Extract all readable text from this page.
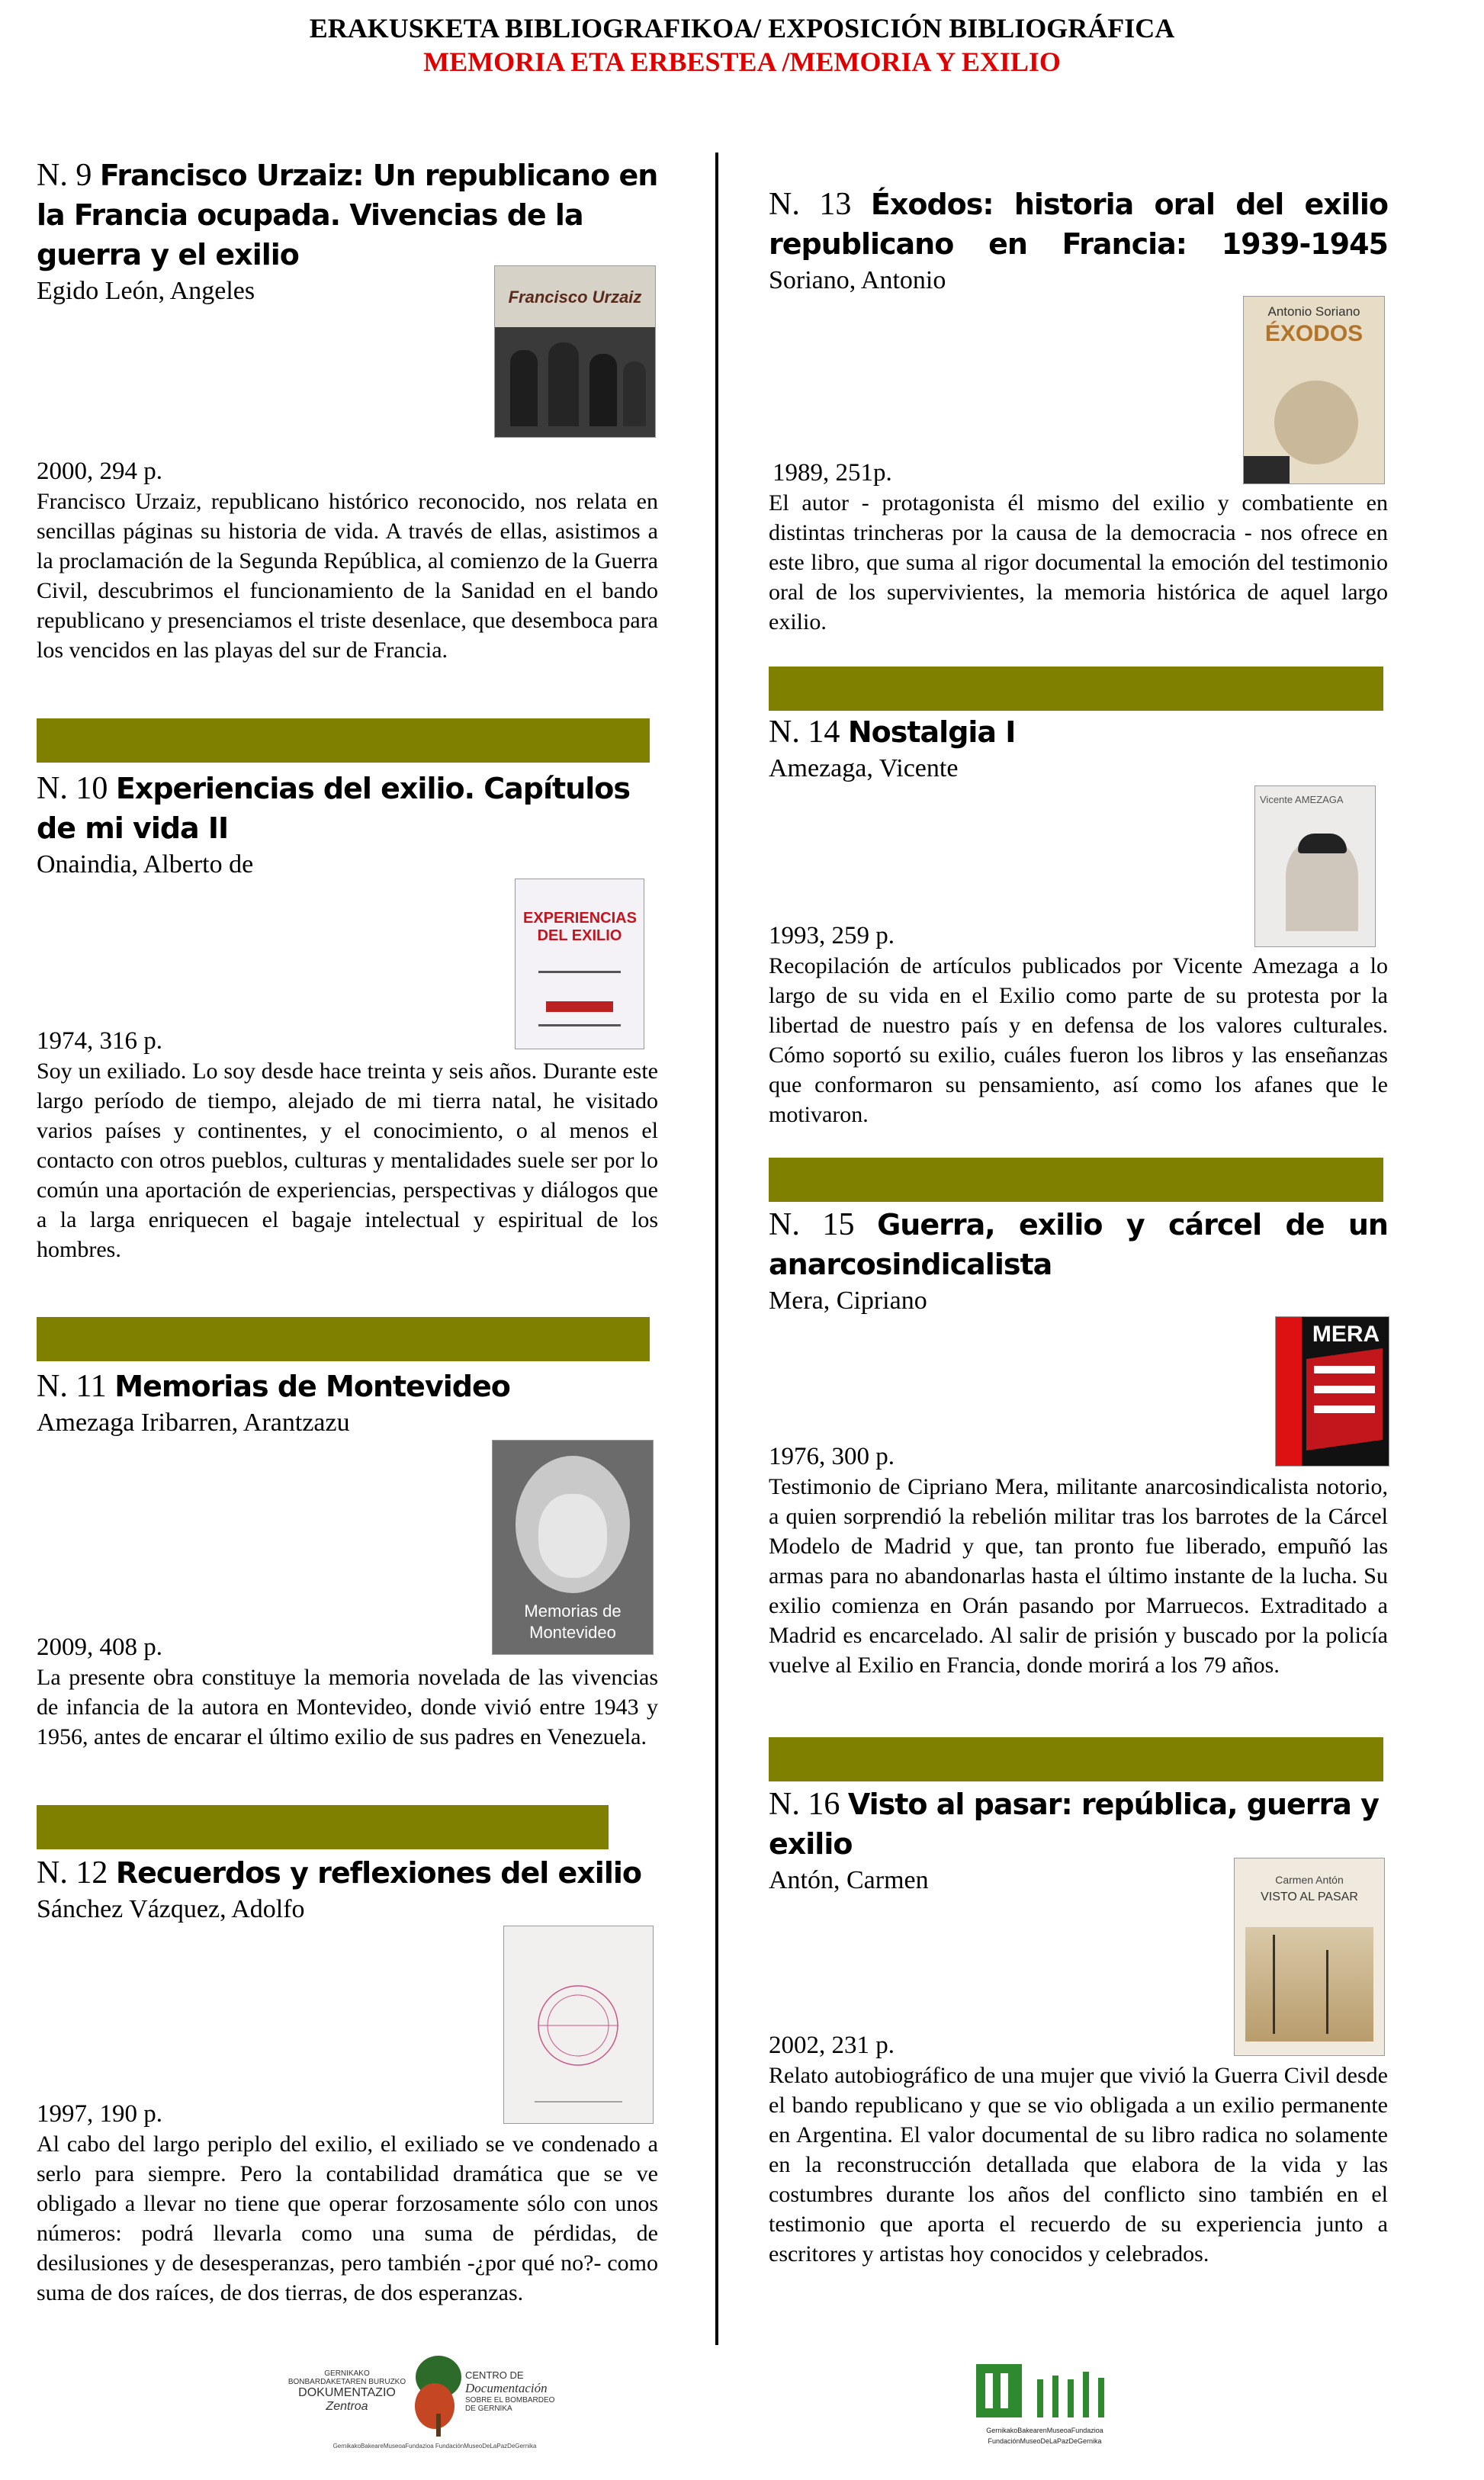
ERAKUSKETA BIBLIOGRAFIKOA/ EXPOSICIÓN BIBLIOGRÁFICA
MEMORIA ETA ERBESTEA /MEMORIA Y EXILIO
N. 9 Francisco Urzaiz: Un republicano en la Francia ocupada. Vivencias de la guerra y el exilio
Egido León, Angeles	Francisco Urzaiz
2000, 294 p.
Francisco Urzaiz, republicano histórico reconocido, nos relata en sencillas páginas su historia de vida. A través de ellas, asistimos a la proclamación de la Segunda República, al comienzo de la Guerra Civil, descubrimos el funcionamiento de la Sanidad en el bando republicano y presenciamos el triste desenlace, que desemboca para los vencidos en las playas del sur de Francia.
N. 10 Experiencias del exilio. Capítulos de mi vida II
Onaindia, Alberto de
EXPERIENCIAS DEL EXILIO
1974, 316 p.
Soy un exiliado. Lo soy desde hace treinta y seis años. Durante este largo período de tiempo, alejado de mi tierra natal, he visitado varios países y continentes, y el conocimiento, o al menos el contacto con otros pueblos, culturas y mentalidades suele ser por lo común una aportación de experiencias, perspectivas y diálogos que a la larga enriquecen el bagaje intelectual y espiritual de los hombres.
N. 11 Memorias de Montevideo
Amezaga Iribarren, Arantzazu
Memorias de Montevideo
2009, 408 p.
La presente obra constituye la memoria novelada de las vivencias de infancia de la autora en Montevideo, donde vivió entre 1943 y 1956, antes de encarar el último exilio de sus padres en Venezuela.
N. 12 Recuerdos y reflexiones del exilio
Sánchez Vázquez, Adolfo
1997, 190 p.
Al cabo del largo periplo del exilio, el exiliado se ve condenado a serlo para siempre. Pero la contabilidad dramática que se ve obligado a llevar no tiene que operar forzosamente sólo con unos números: podrá llevarla como una suma de pérdidas, de desilusiones y de desesperanzas, pero también -¿por qué no?- como suma de dos raíces, de dos tierras, de dos esperanzas.
N. 13 Éxodos: historia oral del exilio republicano en Francia: 1939-1945
Soriano, Antonio
Antonio Soriano
ÉXODOS
1989, 251p.
El autor - protagonista él mismo del exilio y combatiente en distintas trincheras por la causa de la democracia - nos ofrece en este libro, que suma al rigor documental la emoción del testimonio oral de los supervivientes, la memoria histórica de aquel largo exilio.
N. 14 Nostalgia I
Amezaga, Vicente
Vicente AMEZAGA
1993, 259 p.
Recopilación de artículos publicados por Vicente Amezaga a lo largo de su vida en el Exilio como parte de su protesta por la libertad de nuestro país y en defensa de los valores culturales. Cómo soportó su exilio, cuáles fueron los libros y las enseñanzas que conformaron su pensamiento, así como los afanes que le motivaron.
N. 15 Guerra, exilio y cárcel de un anarcosindicalista
Mera, Cipriano
MERA
1976, 300 p.
Testimonio de Cipriano Mera, militante anarcosindicalista notorio, a quien sorprendió la rebelión militar tras los barrotes de la Cárcel Modelo de Madrid y que, tan pronto fue liberado, empuñó las armas para no abandonarlas hasta el último instante de la lucha. Su exilio comienza en Orán pasando por Marruecos. Extraditado a Madrid es encarcelado. Al salir de prisión y buscado por la policía vuelve al Exilio en Francia, donde morirá a los 79 años.
N. 16 Visto al pasar: república, guerra y exilio
Antón, Carmen	Carmen Antón
VISTO AL PASAR
2002, 231 p.
Relato autobiográfico de una mujer que vivió la Guerra Civil desde el bando republicano y que se vio obligada a un exilio permanente en Argentina. El valor documental de su libro radica no solamente en la reconstrucción detallada que elabora de la vida y las costumbres durante los años del conflicto sino también en el testimonio que aporta el recuerdo de su experiencia junto a escritores y artistas hoy conocidos y celebrados.
GERNIKAKO
BONBARDAKETAREN BURUZKO
DOKUMENTAZIO
Zentroa
CENTRO DE
Documentación
SOBRE EL BOMBARDEO
DE GERNIKA
GernikakoBakeareMuseoaFundazioa FundaciónMuseoDeLaPazDeGernika
GernikakoBakearenMuseoaFundazioa
FundaciónMuseoDeLaPazDeGernika
